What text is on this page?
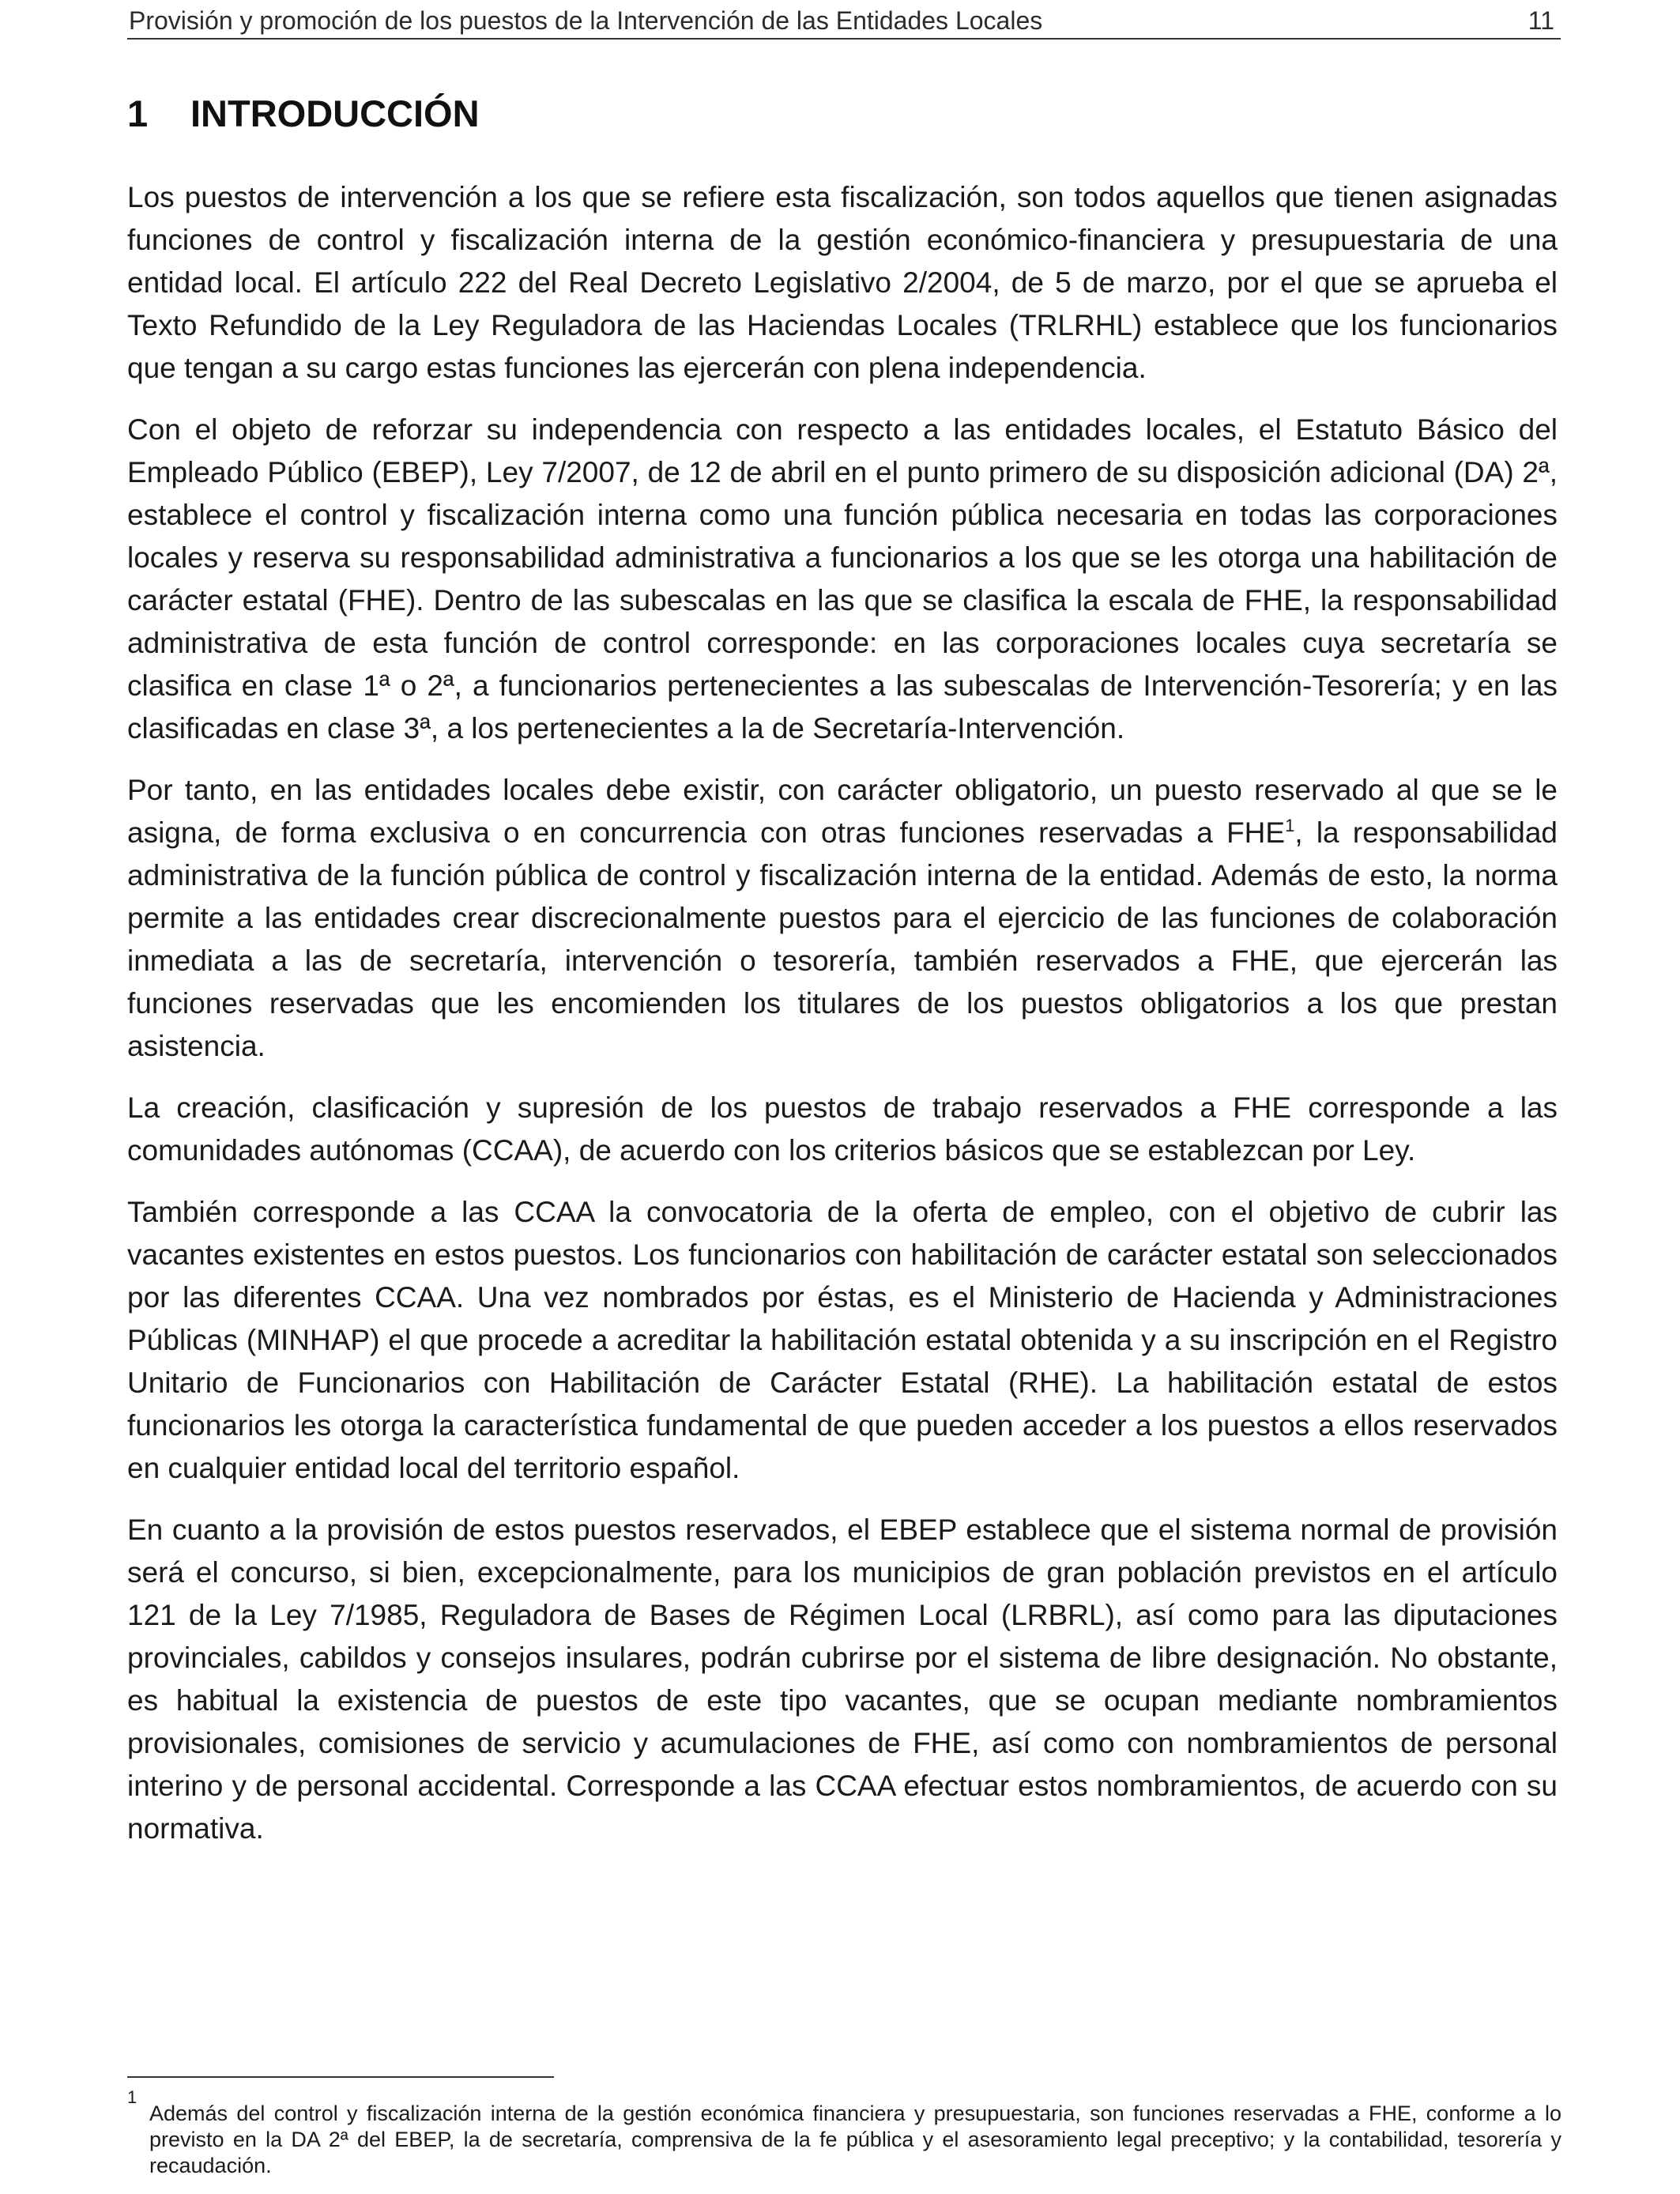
Provisión y promoción de los puestos de la Intervención de las Entidades Locales	11
1 INTRODUCCIÓN

Los puestos de intervención a los que se refiere esta fiscalización, son todos aquellos que tienen asignadas funciones de control y fiscalización interna de la gestión económico-financiera y presupuestaria de una entidad local. El artículo 222 del Real Decreto Legislativo 2/2004, de 5 de marzo, por el que se aprueba el Texto Refundido de la Ley Reguladora de las Haciendas Locales (TRLRHL) establece que los funcionarios que tengan a su cargo estas funciones las ejercerán con plena independencia.

Con el objeto de reforzar su independencia con respecto a las entidades locales, el Estatuto Básico del Empleado Público (EBEP), Ley 7/2007, de 12 de abril en el punto primero de su disposición adicional (DA) 2ª, establece el control y fiscalización interna como una función pública necesaria en todas las corporaciones locales y reserva su responsabilidad administrativa a funcionarios a los que se les otorga una habilitación de carácter estatal (FHE). Dentro de las subescalas en las que se clasifica la escala de FHE, la responsabilidad administrativa de esta función de control corresponde: en las corporaciones locales cuya secretaría se clasifica en clase 1ª o 2ª, a funcionarios pertenecientes a las subescalas de Intervención-Tesorería; y en las clasificadas en clase 3ª, a los pertenecientes a la de Secretaría-Intervención.

Por tanto, en las entidades locales debe existir, con carácter obligatorio, un puesto reservado al que se le asigna, de forma exclusiva o en concurrencia con otras funciones reservadas a FHE$^1$, la responsabilidad administrativa de la función pública de control y fiscalización interna de la entidad. Además de esto, la norma permite a las entidades crear discrecionalmente puestos para el ejercicio de las funciones de colaboración inmediata a las de secretaría, intervención o tesorería, también reservados a FHE, que ejercerán las funciones reservadas que les encomienden los titulares de los puestos obligatorios a los que prestan asistencia.

La creación, clasificación y supresión de los puestos de trabajo reservados a FHE corresponde a las comunidades autónomas (CCAA), de acuerdo con los criterios básicos que se establezcan por Ley.

También corresponde a las CCAA la convocatoria de la oferta de empleo, con el objetivo de cubrir las vacantes existentes en estos puestos. Los funcionarios con habilitación de carácter estatal son seleccionados por las diferentes CCAA. Una vez nombrados por éstas, es el Ministerio de Hacienda y Administraciones Públicas (MINHAP) el que procede a acreditar la habilitación estatal obtenida y a su inscripción en el Registro Unitario de Funcionarios con Habilitación de Carácter Estatal (RHE). La habilitación estatal de estos funcionarios les otorga la característica fundamental de que pueden acceder a los puestos a ellos reservados en cualquier entidad local del territorio español.

En cuanto a la provisión de estos puestos reservados, el EBEP establece que el sistema normal de provisión será el concurso, si bien, excepcionalmente, para los municipios de gran población previstos en el artículo 121 de la Ley 7/1985, Reguladora de Bases de Régimen Local (LRBRL), así como para las diputaciones provinciales, cabildos y consejos insulares, podrán cubrirse por el sistema de libre designación. No obstante, es habitual la existencia de puestos de este tipo vacantes, que se ocupan mediante nombramientos provisionales, comisiones de servicio y acumulaciones de FHE, así como con nombramientos de personal interino y de personal accidental. Corresponde a las CCAA efectuar estos nombramientos, de acuerdo con su normativa.

1
Además del control y fiscalización interna de la gestión económica financiera y presupuestaria, son funciones reservadas a FHE, conforme a lo previsto en la DA 2ª del EBEP, la de secretaría, comprensiva de la fe pública y el asesoramiento legal preceptivo; y la contabilidad, tesorería y recaudación.
